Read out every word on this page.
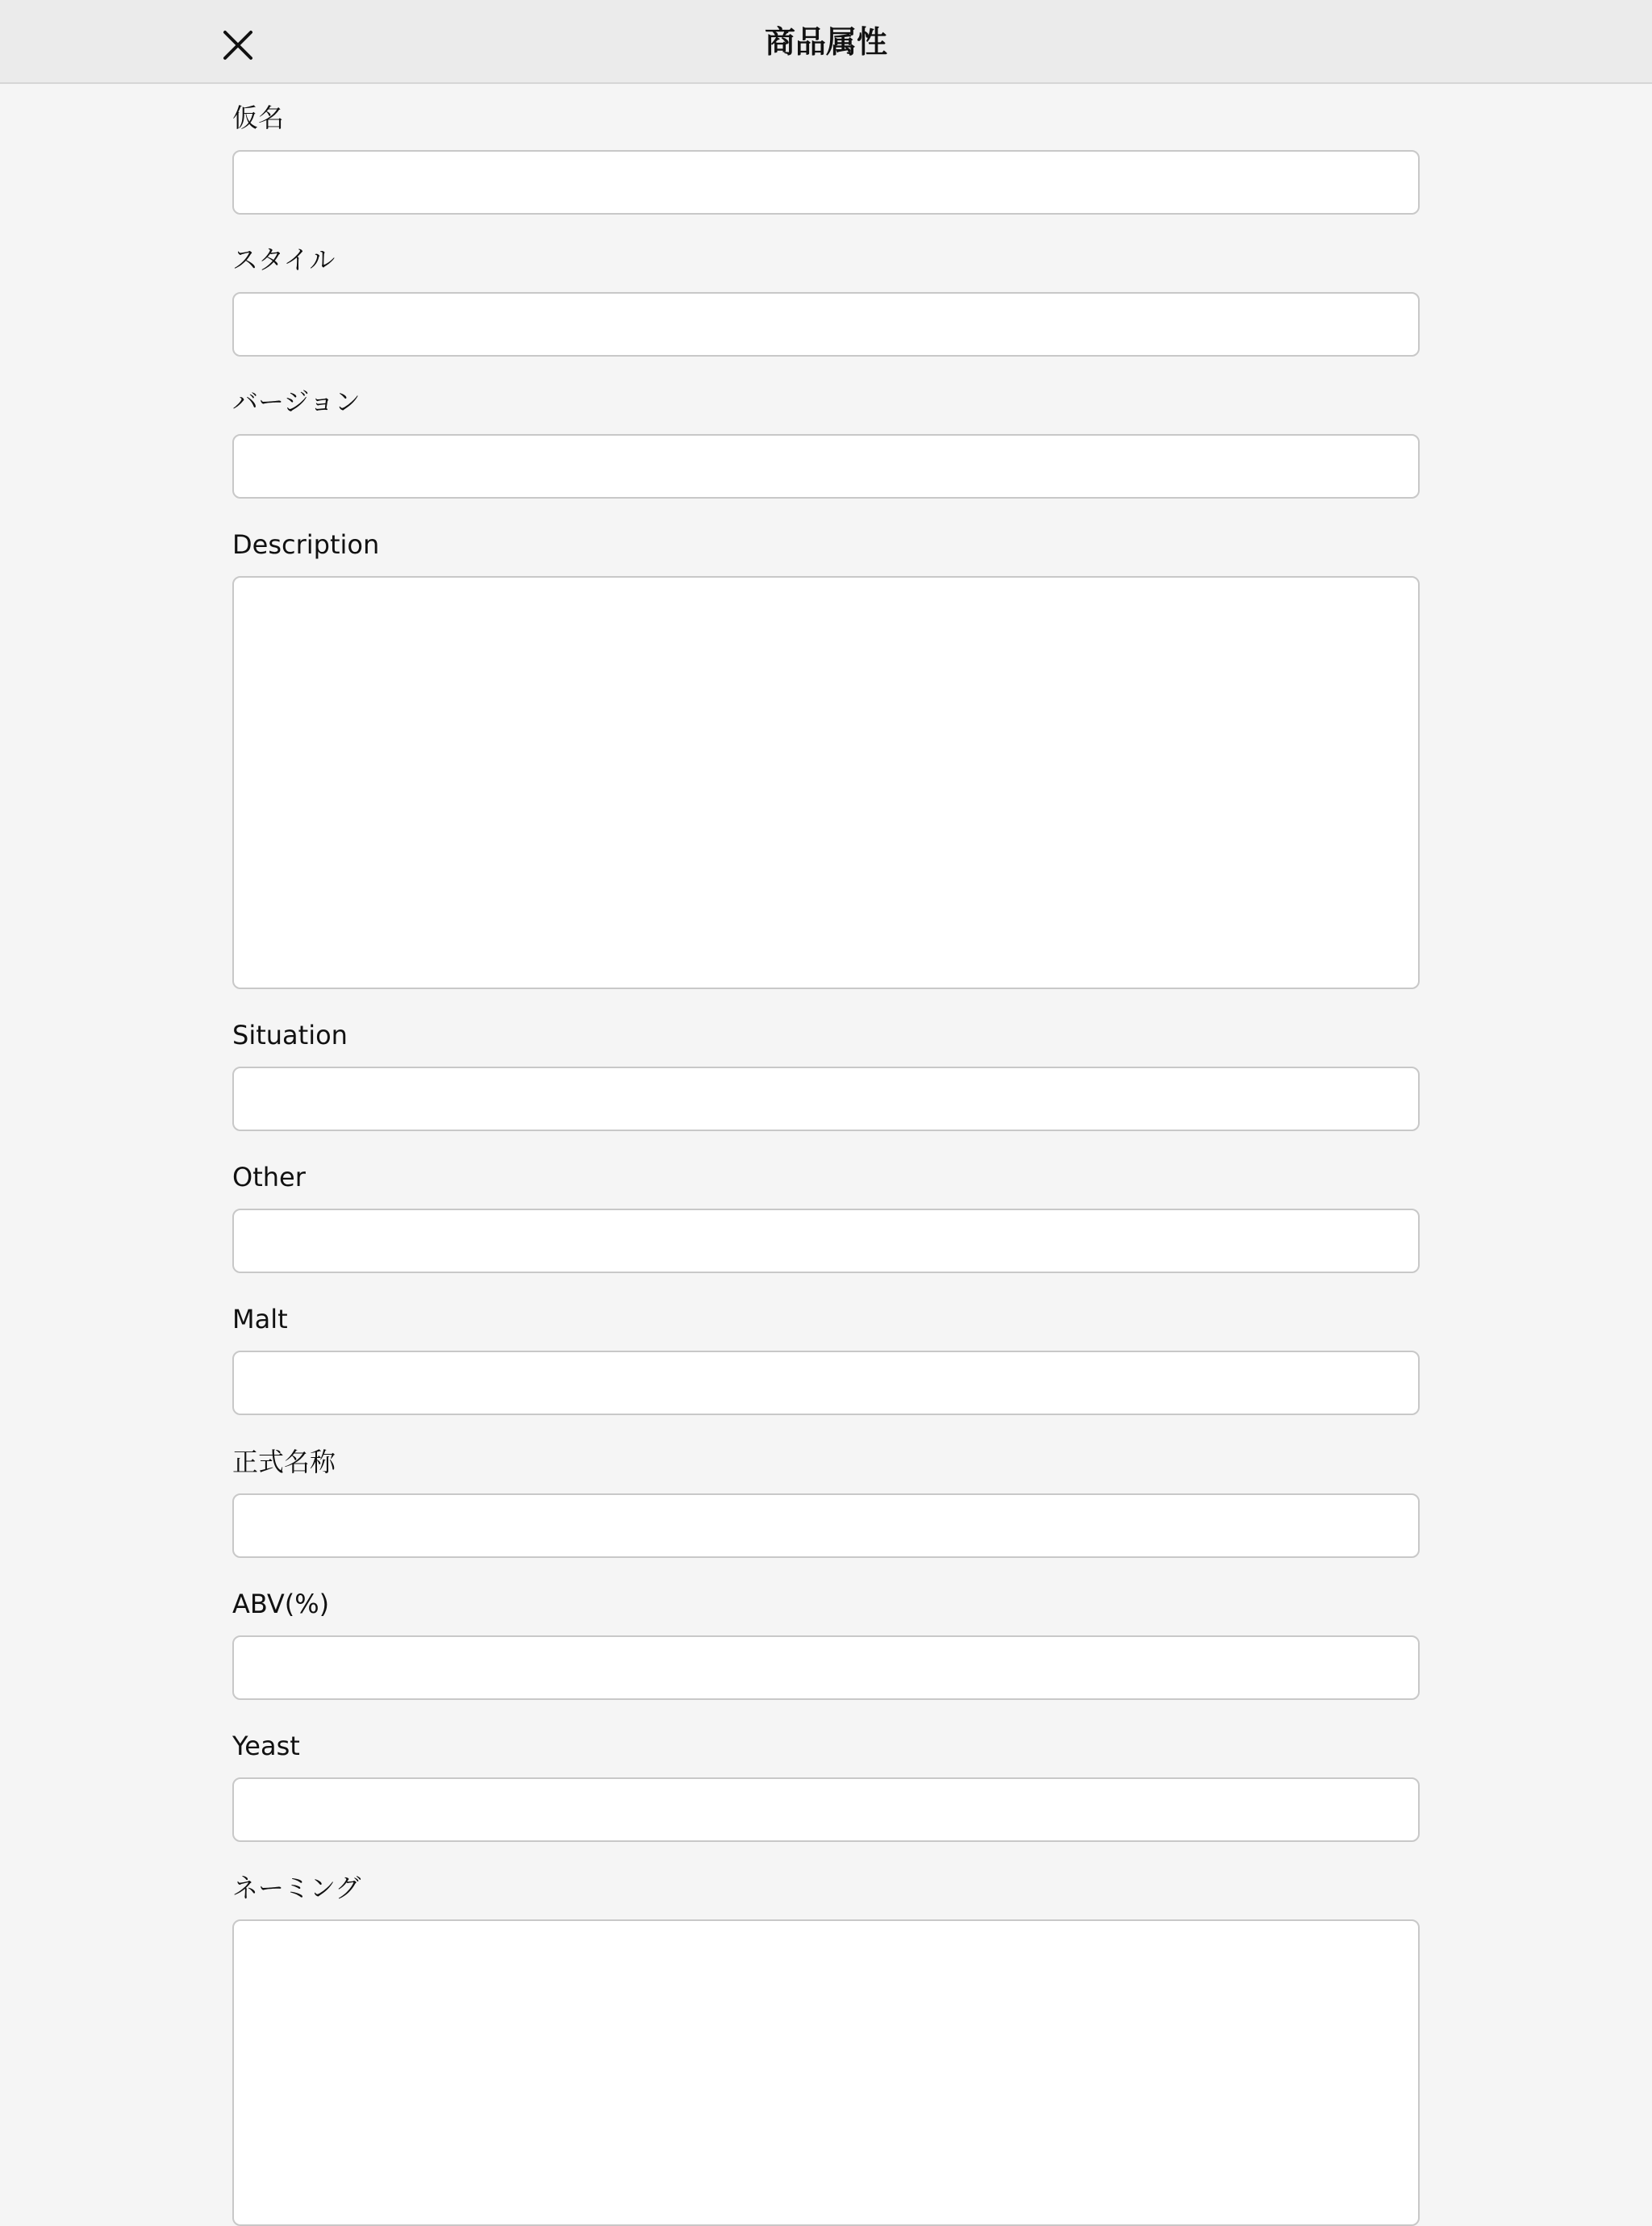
商品属性
仮名
スタイル
バージョン
Description
Situation
Other
Malt
正式名称
ABV(%)
Yeast
ネーミング
